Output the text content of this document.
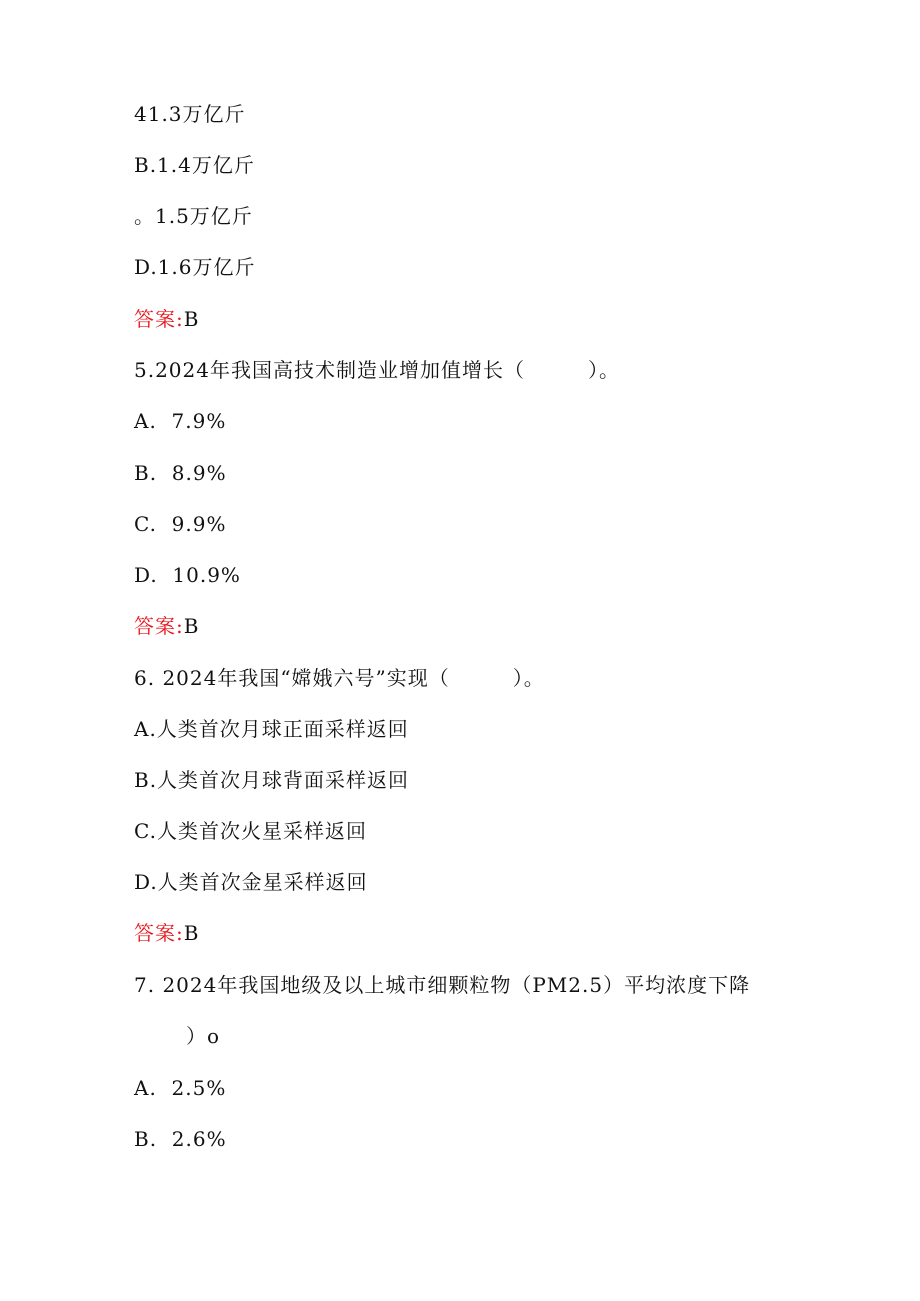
41.3万亿斤
B.1.4万亿斤
。1.5万亿斤
D.1.6万亿斤
答案:B
5.2024年我国高技术制造业增加值增长（　　　）。
A.  7.9%
B.  8.9%
C.  9.9%
D.  10.9%
答案:B
6. 2024年我国“嫦娥六号”实现（　　　）。
A.人类首次月球正面采样返回
B.人类首次月球背面采样返回
C.人类首次火星采样返回
D.人类首次金星采样返回
答案:B
7. 2024年我国地级及以上城市细颗粒物（PM2.5）平均浓度下降
）o
A.  2.5%
B.  2.6%
